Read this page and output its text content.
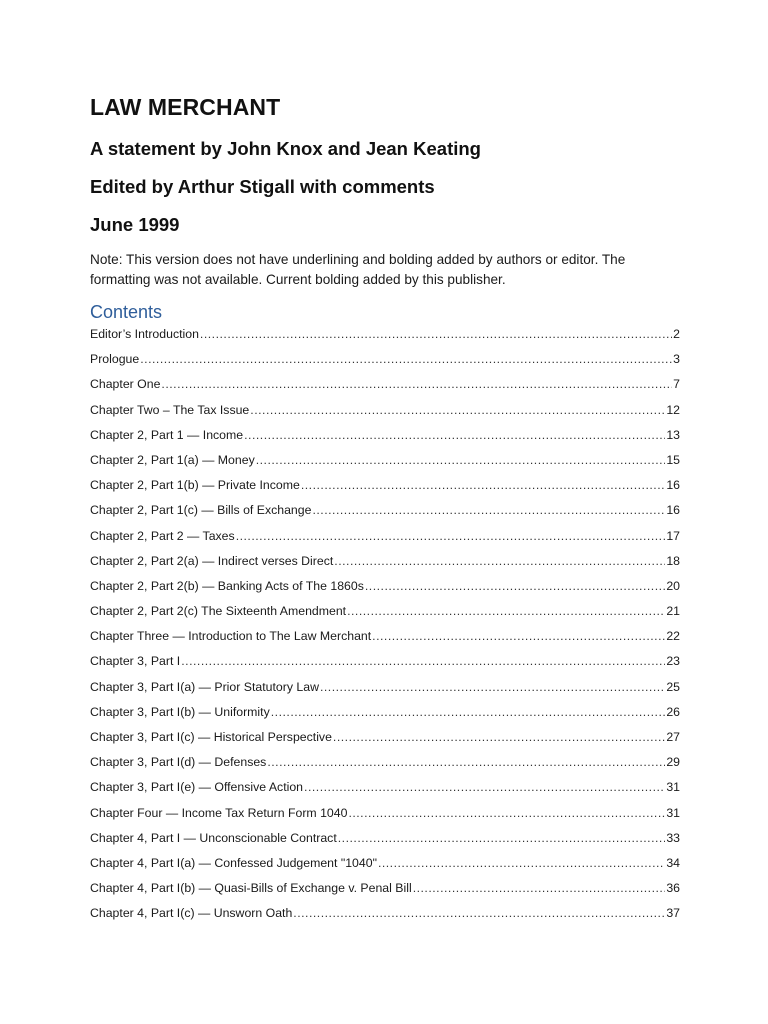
LAW MERCHANT
A statement by John Knox and Jean Keating
Edited by Arthur Stigall with comments
June 1999

Note: This version does not have underlining and bolding added by authors or editor. The formatting was not available. Current bolding added by this publisher.

Contents
Editor’s Introduction .....	2
Prologue .....	3
Chapter One .....	7
Chapter Two – The Tax Issue .....	12
Chapter 2, Part 1 — Income .....	13
Chapter 2, Part 1(a) — Money .....	15
Chapter 2, Part 1(b) — Private Income .....	16
Chapter 2, Part 1(c) — Bills of Exchange .....	16
Chapter 2, Part 2 — Taxes .....	17
Chapter 2, Part 2(a) — Indirect verses Direct .....	18
Chapter 2, Part 2(b) — Banking Acts of The 1860s .....	20
Chapter 2, Part 2(c) The Sixteenth Amendment .....	21
Chapter Three — Introduction to The Law Merchant .....	22
Chapter 3, Part I .....	23
Chapter 3, Part I(a) — Prior Statutory Law .....	25
Chapter 3, Part I(b) — Uniformity .....	26
Chapter 3, Part I(c) — Historical Perspective .....	27
Chapter 3, Part I(d) — Defenses .....	29
Chapter 3, Part I(e) — Offensive Action .....	31
Chapter Four — Income Tax Return Form 1040 .....	31
Chapter 4, Part I — Unconscionable Contract .....	33
Chapter 4, Part I(a) — Confessed Judgement "1040" .....	34
Chapter 4, Part I(b) — Quasi-Bills of Exchange v. Penal Bill .....	36
Chapter 4, Part I(c) — Unsworn Oath .....	37
